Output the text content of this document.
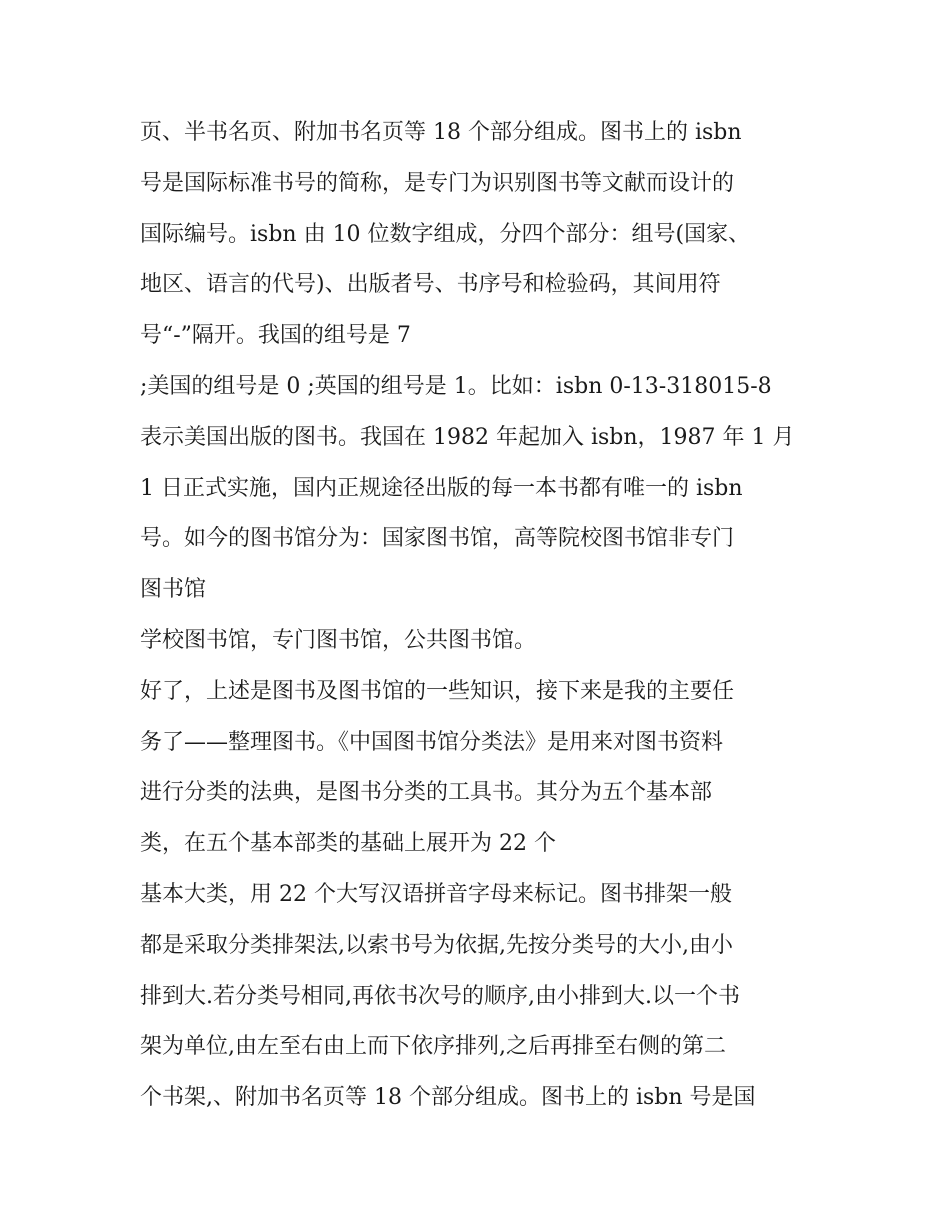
页、半书名页、附加书名页等 18 个部分组成。图书上的 isbn
号是国际标准书号的简称，是专门为识别图书等文献而设计的
国际编号。isbn 由 10 位数字组成，分四个部分：组号(国家、
地区、语言的代号)、出版者号、书序号和检验码，其间用符
号“-”隔开。我国的组号是 7
;美国的组号是 0 ;英国的组号是 1。比如：isbn 0-13-318015-8
表示美国出版的图书。我国在 1982 年起加入 isbn，1987 年 1 月
1 日正式实施，国内正规途径出版的每一本书都有唯一的 isbn
号。如今的图书馆分为：国家图书馆，高等院校图书馆非专门
图书馆
学校图书馆，专门图书馆，公共图书馆。
好了，上述是图书及图书馆的一些知识，接下来是我的主要任
务了——整理图书。《中国图书馆分类法》是用来对图书资料
进行分类的法典，是图书分类的工具书。其分为五个基本部
类，在五个基本部类的基础上展开为 22 个
基本大类，用 22 个大写汉语拼音字母来标记。图书排架一般
都是采取分类排架法,以索书号为依据,先按分类号的大小,由小
排到大.若分类号相同,再依书次号的顺序,由小排到大.以一个书
架为单位,由左至右由上而下依序排列,之后再排至右侧的第二
个书架,、附加书名页等 18 个部分组成。图书上的 isbn 号是国
